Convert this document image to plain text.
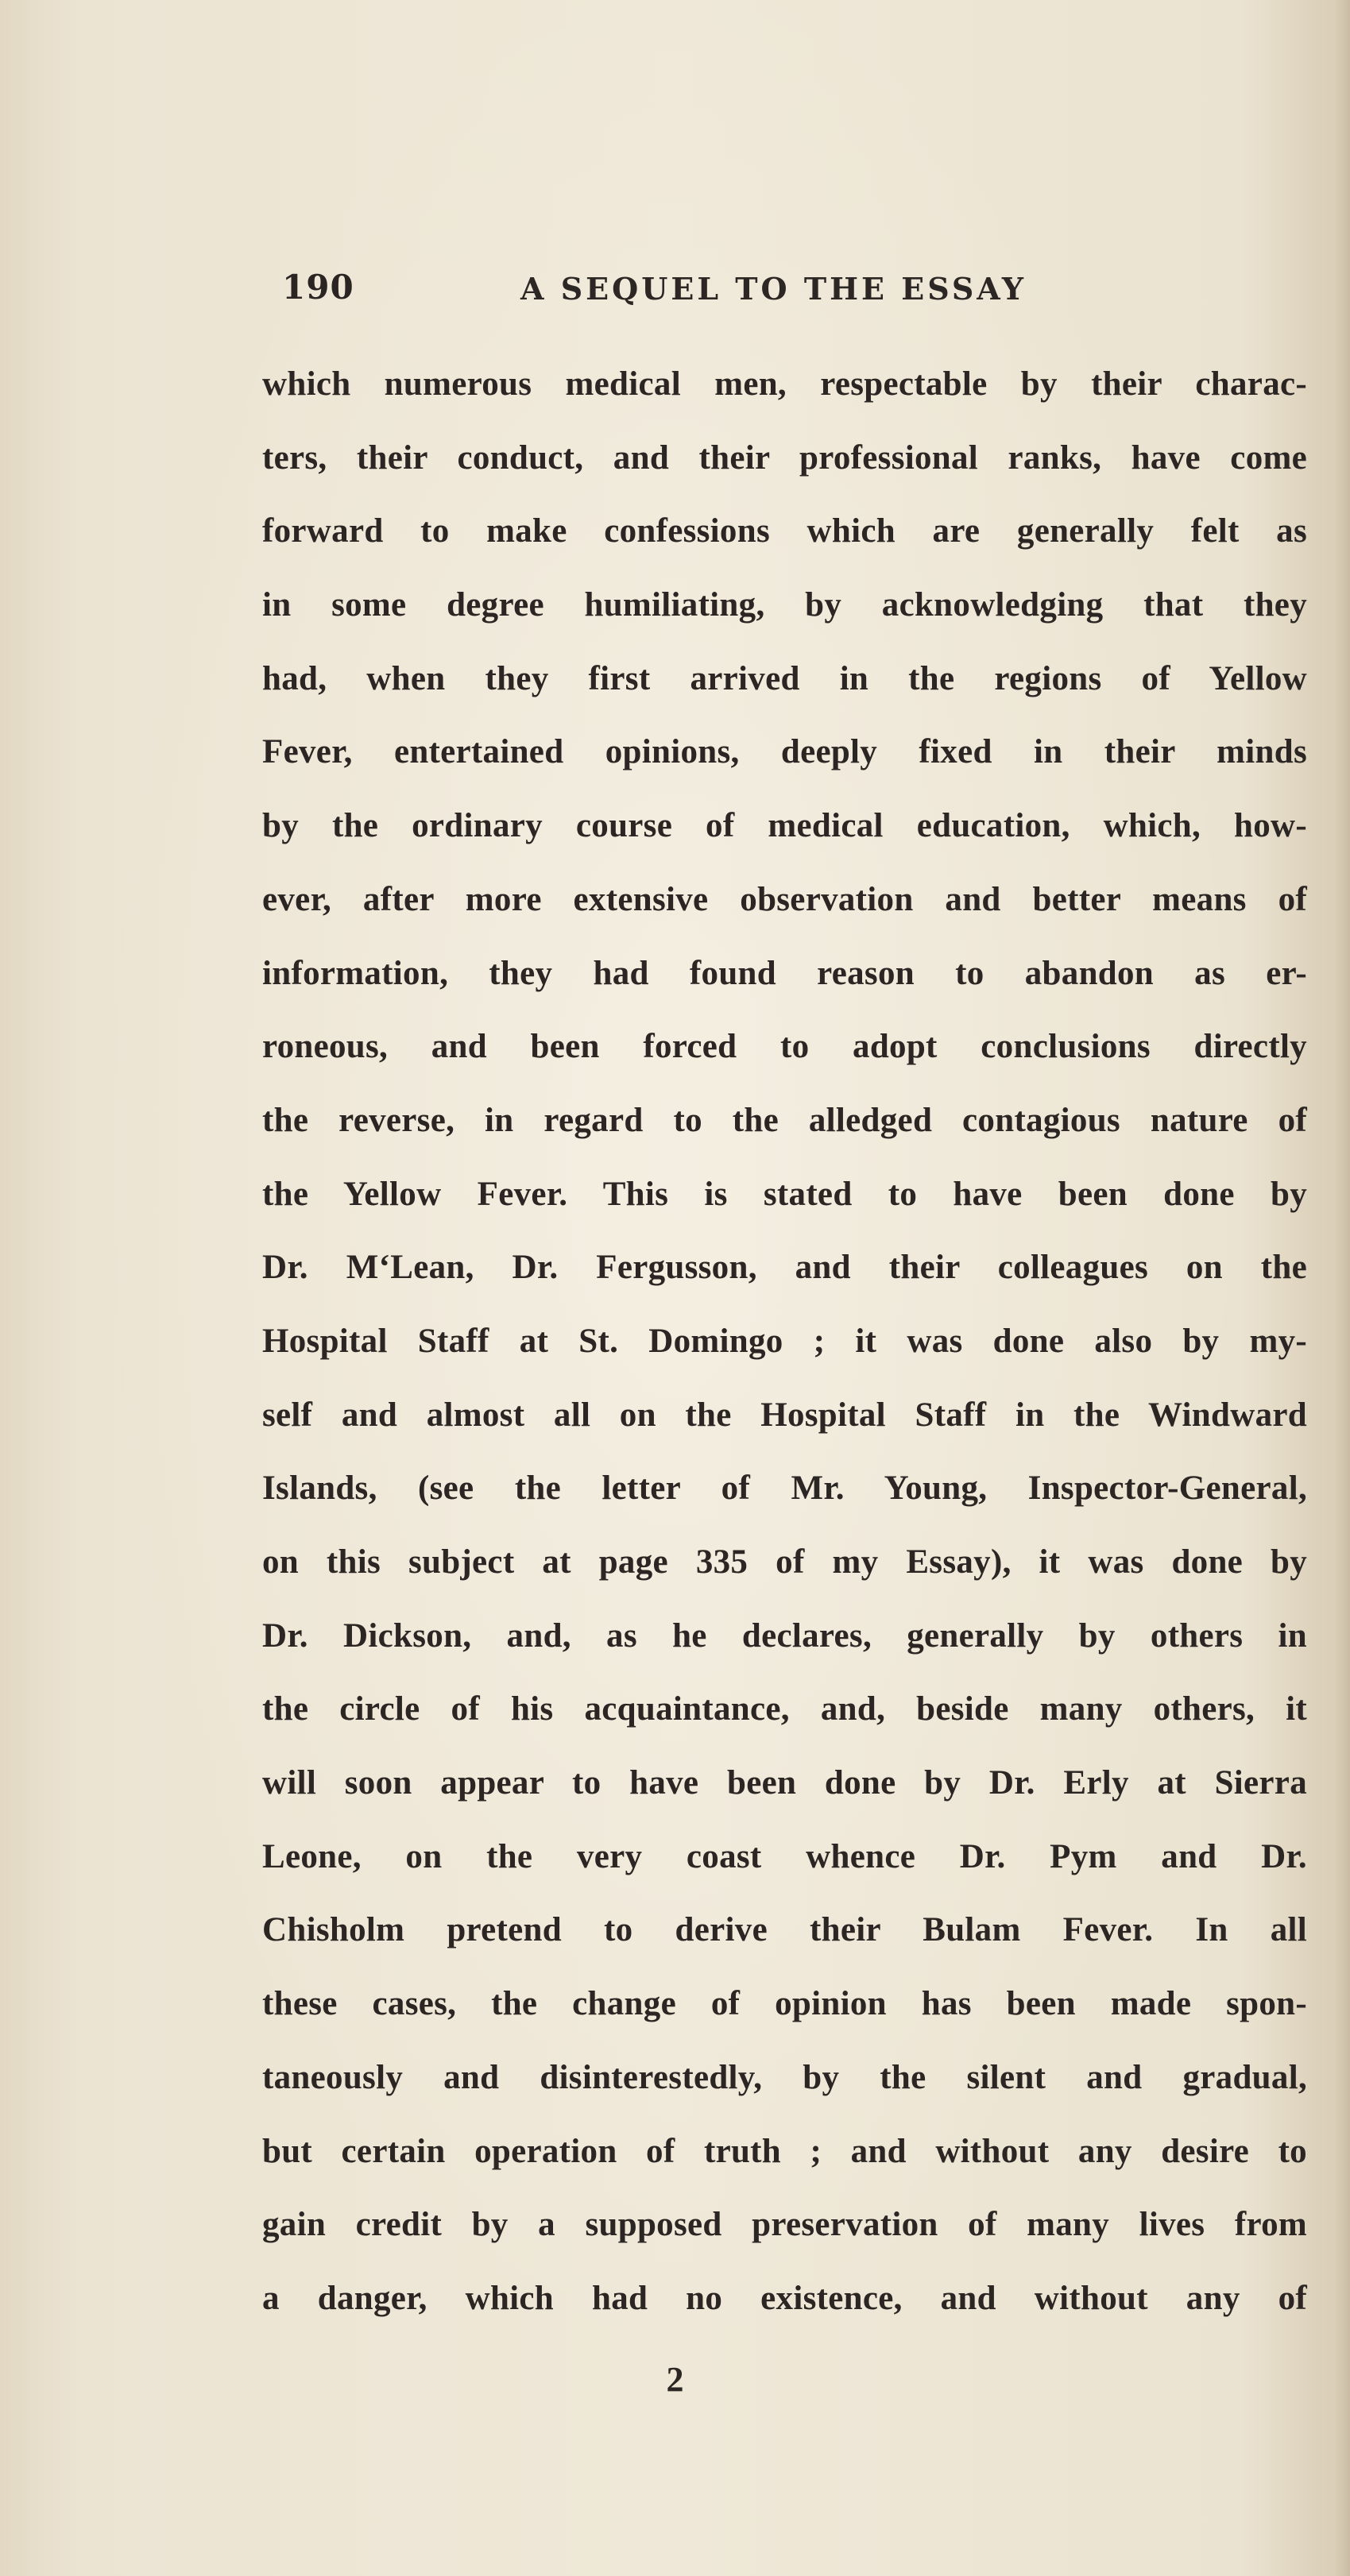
190	A SEQUEL TO THE ESSAY
which numerous medical men, respectable by their charac-
ters, their conduct, and their professional ranks, have come
forward to make confessions which are generally felt as
in some degree humiliating, by acknowledging that they
had, when they first arrived in the regions of Yellow
Fever, entertained opinions, deeply fixed in their minds
by the ordinary course of medical education, which, how-
ever, after more extensive observation and better means of
information, they had found reason to abandon as er-
roneous, and been forced to adopt conclusions directly
the reverse, in regard to the alledged contagious nature of
the Yellow Fever. This is stated to have been done by
Dr. M‘Lean, Dr. Fergusson, and their colleagues on the
Hospital Staff at St. Domingo ; it was done also by my-
self and almost all on the Hospital Staff in the Windward
Islands, (see the letter of Mr. Young, Inspector-General,
on this subject at page 335 of my Essay), it was done by
Dr. Dickson, and, as he declares, generally by others in
the circle of his acquaintance, and, beside many others, it
will soon appear to have been done by Dr. Erly at Sierra
Leone, on the very coast whence Dr. Pym and Dr.
Chisholm pretend to derive their Bulam Fever. In all
these cases, the change of opinion has been made spon-
taneously and disinterestedly, by the silent and gradual,
but certain operation of truth ; and without any desire to
gain credit by a supposed preservation of many lives from
a danger, which had no existence, and without any of
2
